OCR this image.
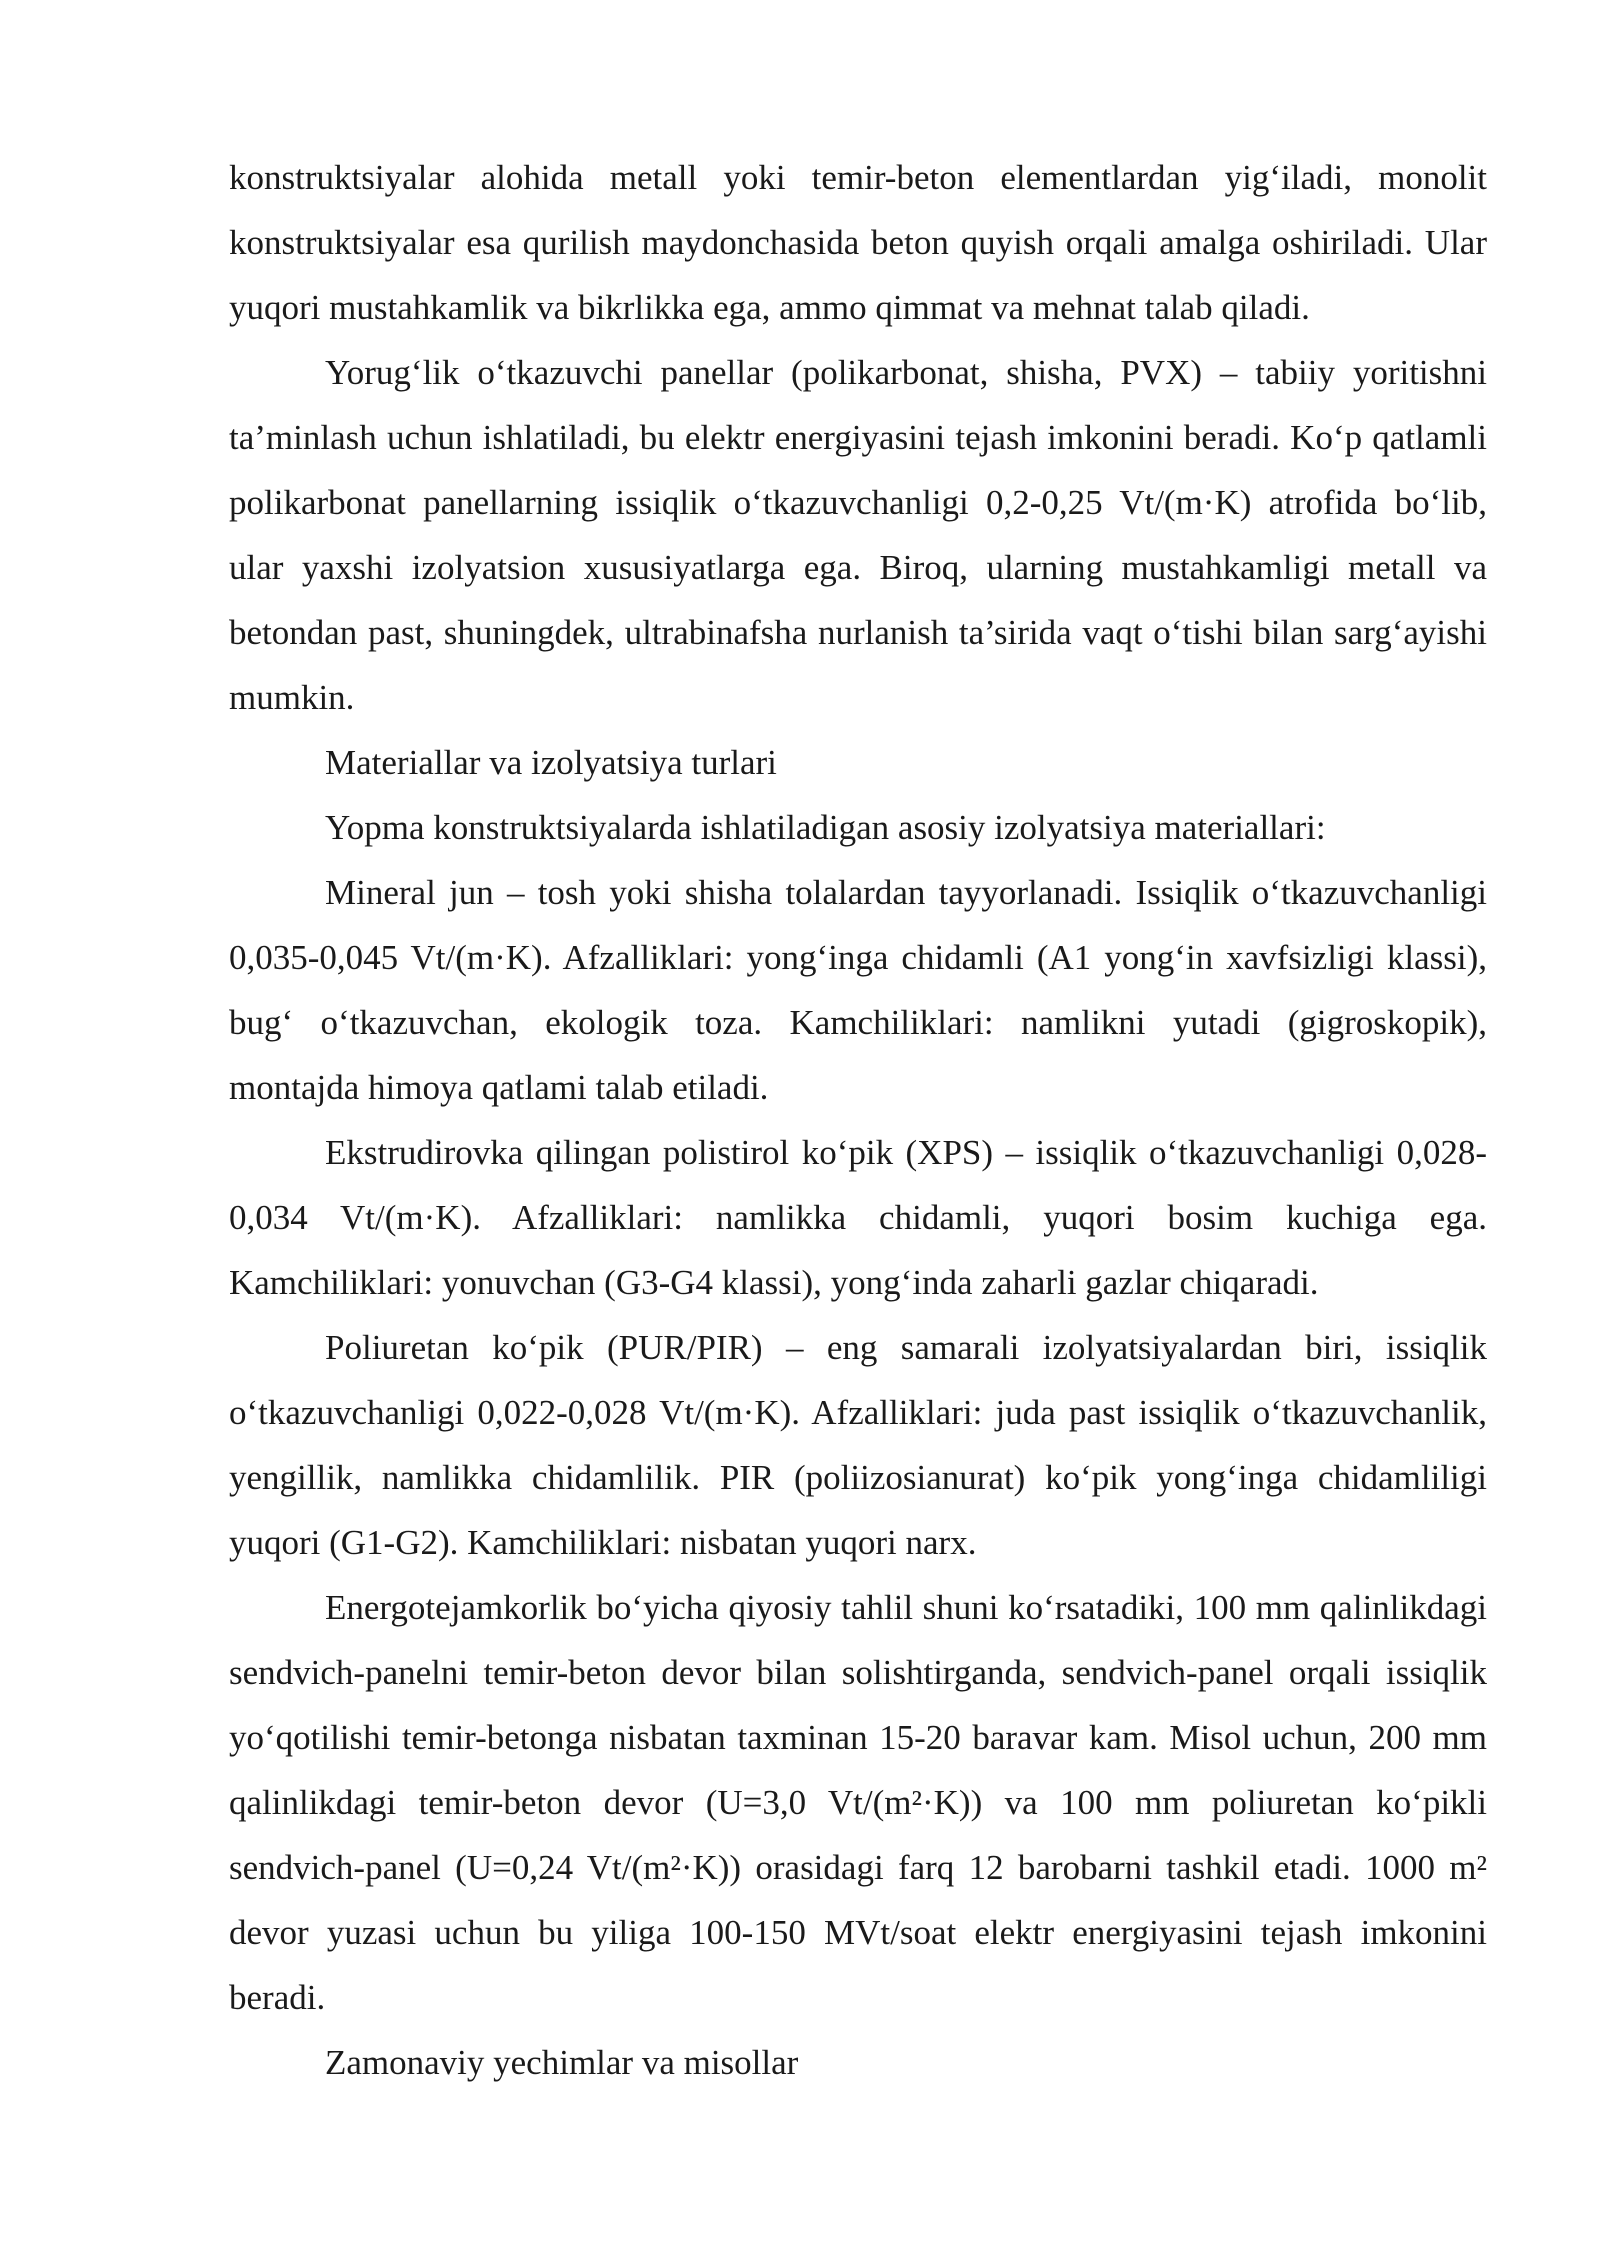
konstruktsiyalar alohida metall yoki temir-beton elementlardan yig‘iladi, monolit konstruktsiyalar esa qurilish maydonchasida beton quyish orqali amalga oshiriladi. Ular yuqori mustahkamlik va bikrlikka ega, ammo qimmat va mehnat talab qiladi.

Yorug‘lik o‘tkazuvchi panellar (polikarbonat, shisha, PVX) – tabiiy yoritishni ta’minlash uchun ishlatiladi, bu elektr energiyasini tejash imkonini beradi. Ko‘p qatlamli polikarbonat panellarning issiqlik o‘tkazuvchanligi 0,2-0,25 Vt/(m·K) atrofida bo‘lib, ular yaxshi izolyatsion xususiyatlarga ega. Biroq, ularning mustahkamligi metall va betondan past, shuningdek, ultrabinafsha nurlanish ta’sirida vaqt o‘tishi bilan sarg‘ayishi mumkin.

Materiallar va izolyatsiya turlari

Yopma konstruktsiyalarda ishlatiladigan asosiy izolyatsiya materiallari:

Mineral jun – tosh yoki shisha tolalardan tayyorlanadi. Issiqlik o‘tkazuvchanligi 0,035-0,045 Vt/(m·K). Afzalliklari: yong‘inga chidamli (A1 yong‘in xavfsizligi klassi), bug‘ o‘tkazuvchan, ekologik toza. Kamchiliklari: namlikni yutadi (gigroskopik), montajda himoya qatlami talab etiladi.

Ekstrudirovka qilingan polistirol ko‘pik (XPS) – issiqlik o‘tkazuvchanligi 0,028-0,034 Vt/(m·K). Afzalliklari: namlikka chidamli, yuqori bosim kuchiga ega. Kamchiliklari: yonuvchan (G3-G4 klassi), yong‘inda zaharli gazlar chiqaradi.

Poliuretan ko‘pik (PUR/PIR) – eng samarali izolyatsiyalardan biri, issiqlik o‘tkazuvchanligi 0,022-0,028 Vt/(m·K). Afzalliklari: juda past issiqlik o‘tkazuvchanlik, yengillik, namlikka chidamlilik. PIR (poliizosianurat) ko‘pik yong‘inga chidamliligi yuqori (G1-G2). Kamchiliklari: nisbatan yuqori narx.

Energotejamkorlik bo‘yicha qiyosiy tahlil shuni ko‘rsatadiki, 100 mm qalinlikdagi sendvich-panelni temir-beton devor bilan solishtirganda, sendvich-panel orqali issiqlik yo‘qotilishi temir-betonga nisbatan taxminan 15-20 baravar kam. Misol uchun, 200 mm qalinlikdagi temir-beton devor (U=3,0 Vt/(m²·K)) va 100 mm poliuretan ko‘pikli sendvich-panel (U=0,24 Vt/(m²·K)) orasidagi farq 12 barobarni tashkil etadi. 1000 m² devor yuzasi uchun bu yiliga 100-150 MVt/soat elektr energiyasini tejash imkonini beradi.

Zamonaviy yechimlar va misollar
